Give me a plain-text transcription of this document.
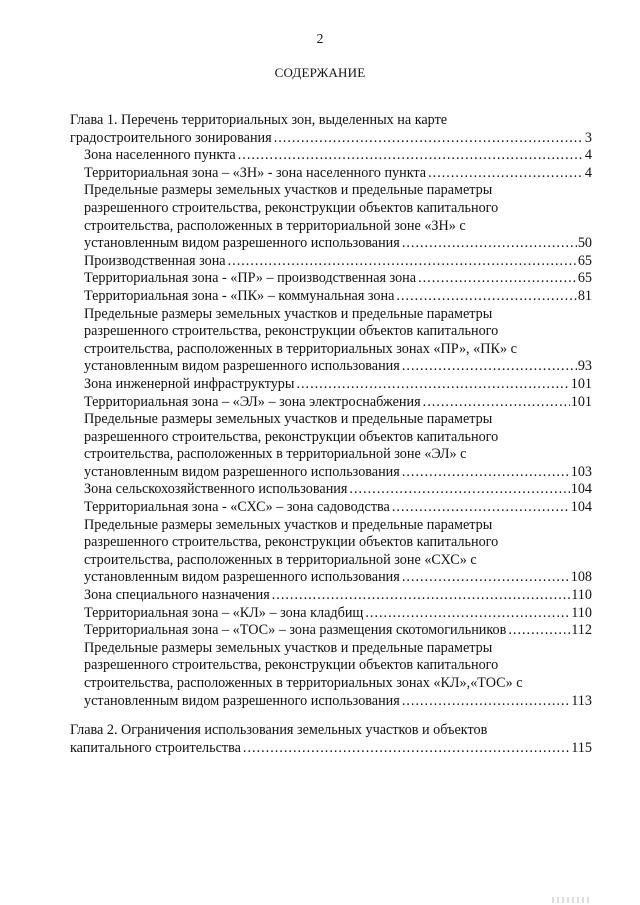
2
СОДЕРЖАНИЕ
Глава 1. Перечень территориальных зон, выделенных на карте
градостроительного зонирования .....	3
Зона населенного пункта .....	4
Территориальная зона – «ЗН» - зона населенного пункта .....	4
Предельные размеры земельных участков и предельные параметры
разрешенного строительства, реконструкции объектов капитального
строительства, расположенных в территориальной зоне «ЗН» с
установленным видом разрешенного использования .....	50
Производственная зона .....	65
Территориальная зона - «ПР» – производственная зона .....	65
Территориальная зона - «ПК» – коммунальная зона .....	81
Предельные размеры земельных участков и предельные параметры
разрешенного строительства, реконструкции объектов капитального
строительства, расположенных в территориальных зонах «ПР», «ПК» с
установленным видом разрешенного использования .....	93
Зона инженерной инфраструктуры .....	101
Территориальная зона – «ЭЛ» – зона электроснабжения .....	101
Предельные размеры земельных участков и предельные параметры
разрешенного строительства, реконструкции объектов капитального
строительства, расположенных в территориальной зоне «ЭЛ» с
установленным видом разрешенного использования .....	103
Зона сельскохозяйственного использования .....	104
Территориальная зона - «СХС» – зона садоводства .....	104
Предельные размеры земельных участков и предельные параметры
разрешенного строительства, реконструкции объектов капитального
строительства, расположенных в территориальной зоне «СХС» с
установленным видом разрешенного использования .....	108
Зона специального назначения .....	110
Территориальная зона – «КЛ» – зона кладбищ .....	110
Территориальная зона – «ТОС» – зона размещения скотомогильников .....	112
Предельные размеры земельных участков и предельные параметры
разрешенного строительства, реконструкции объектов капитального
строительства, расположенных в территориальных зонах «КЛ»,«ТОС» с
установленным видом разрешенного использования .....	113
Глава 2. Ограничения использования земельных участков и объектов
капитального строительства .....	115
